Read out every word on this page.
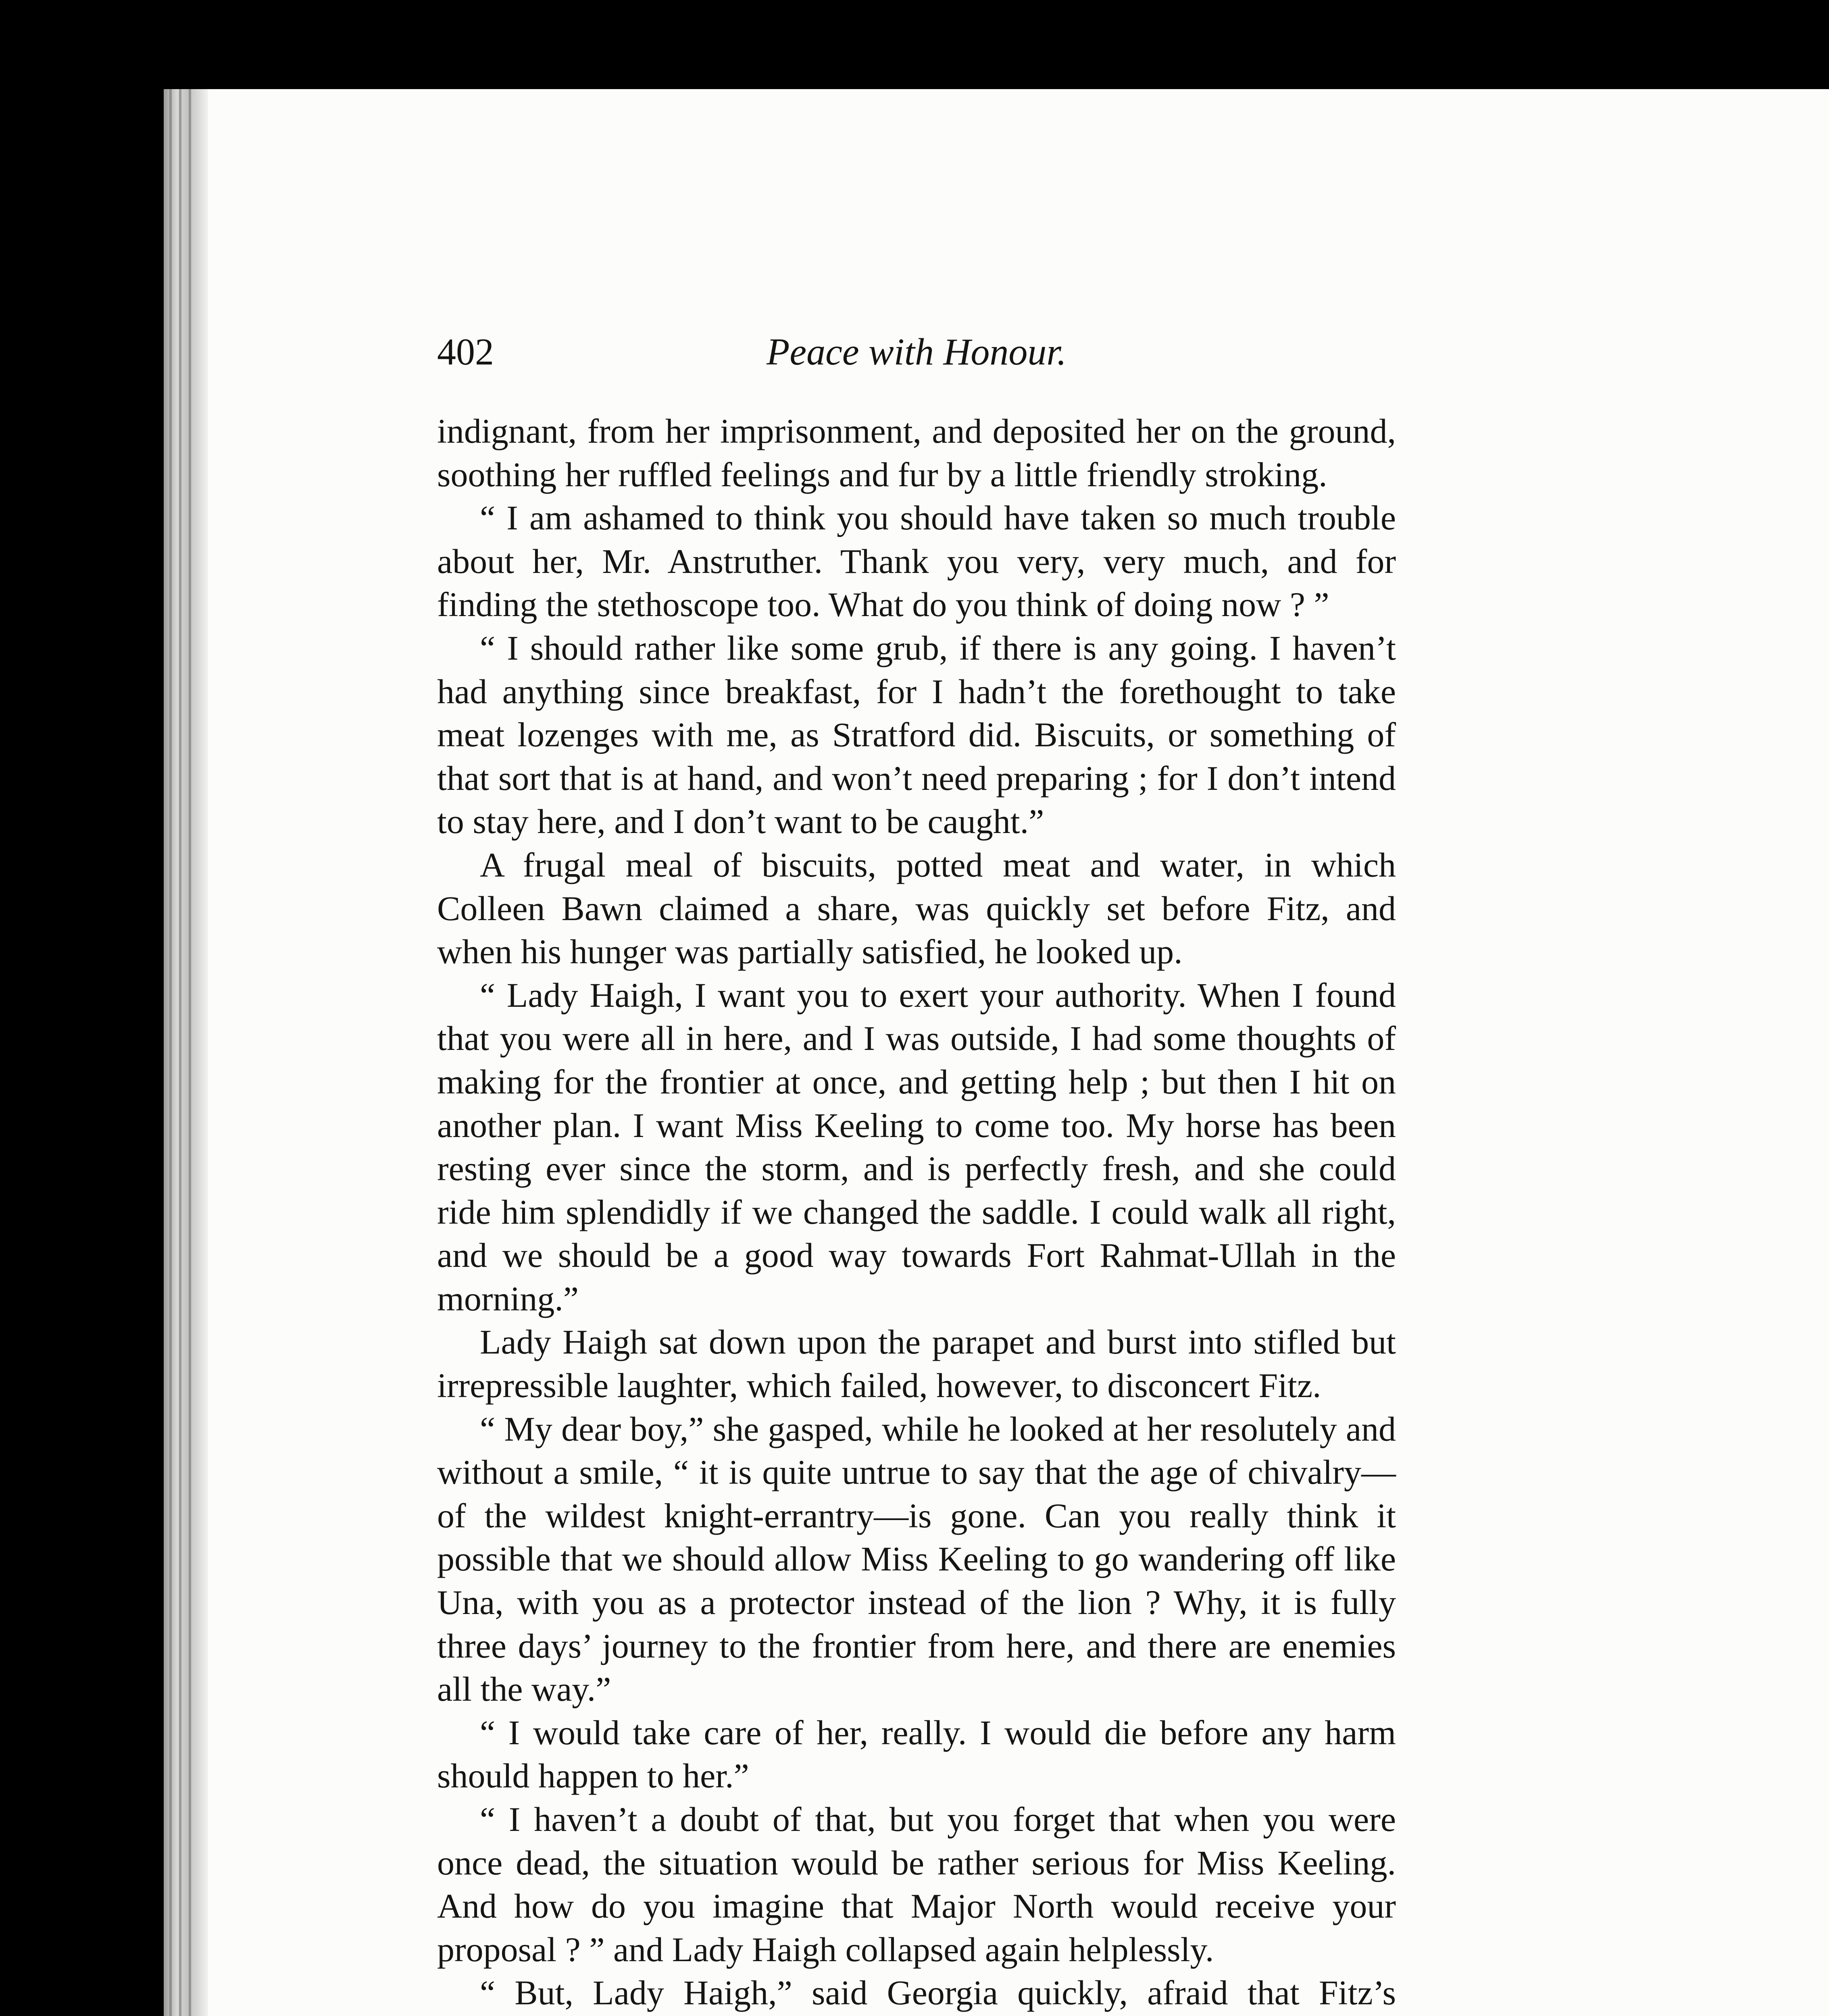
402	Peace with Honour.

indignant, from her imprisonment, and deposited her on the ground, soothing her ruffled feelings and fur by a little friendly stroking.

“ I am ashamed to think you should have taken so much trouble about her, Mr. Anstruther. Thank you very, very much, and for finding the stethoscope too. What do you think of doing now ? ”

“ I should rather like some grub, if there is any going. I haven’t had anything since breakfast, for I hadn’t the forethought to take meat lozenges with me, as Stratford did. Biscuits, or something of that sort that is at hand, and won’t need preparing ; for I don’t intend to stay here, and I don’t want to be caught.”

A frugal meal of biscuits, potted meat and water, in which Colleen Bawn claimed a share, was quickly set before Fitz, and when his hunger was partially satisfied, he looked up.

“ Lady Haigh, I want you to exert your authority. When I found that you were all in here, and I was outside, I had some thoughts of making for the frontier at once, and getting help ; but then I hit on another plan. I want Miss Keeling to come too. My horse has been resting ever since the storm, and is perfectly fresh, and she could ride him splendidly if we changed the saddle. I could walk all right, and we should be a good way towards Fort Rahmat-Ullah in the morning.”

Lady Haigh sat down upon the parapet and burst into stifled but irrepressible laughter, which failed, however, to disconcert Fitz.

“ My dear boy,” she gasped, while he looked at her resolutely and without a smile, “ it is quite untrue to say that the age of chivalry—of the wildest knight-errantry—is gone. Can you really think it possible that we should allow Miss Keeling to go wandering off like Una, with you as a protector instead of the lion ? Why, it is fully three days’ journey to the frontier from here, and there are enemies all the way.”

“ I would take care of her, really. I would die before any harm should happen to her.”

“ I haven’t a doubt of that, but you forget that when you were once dead, the situation would be rather serious for Miss Keeling. And how do you imagine that Major North would receive your proposal ? ” and Lady Haigh collapsed again helplessly.

“ But, Lady Haigh,” said Georgia quickly, afraid that Fitz’s
